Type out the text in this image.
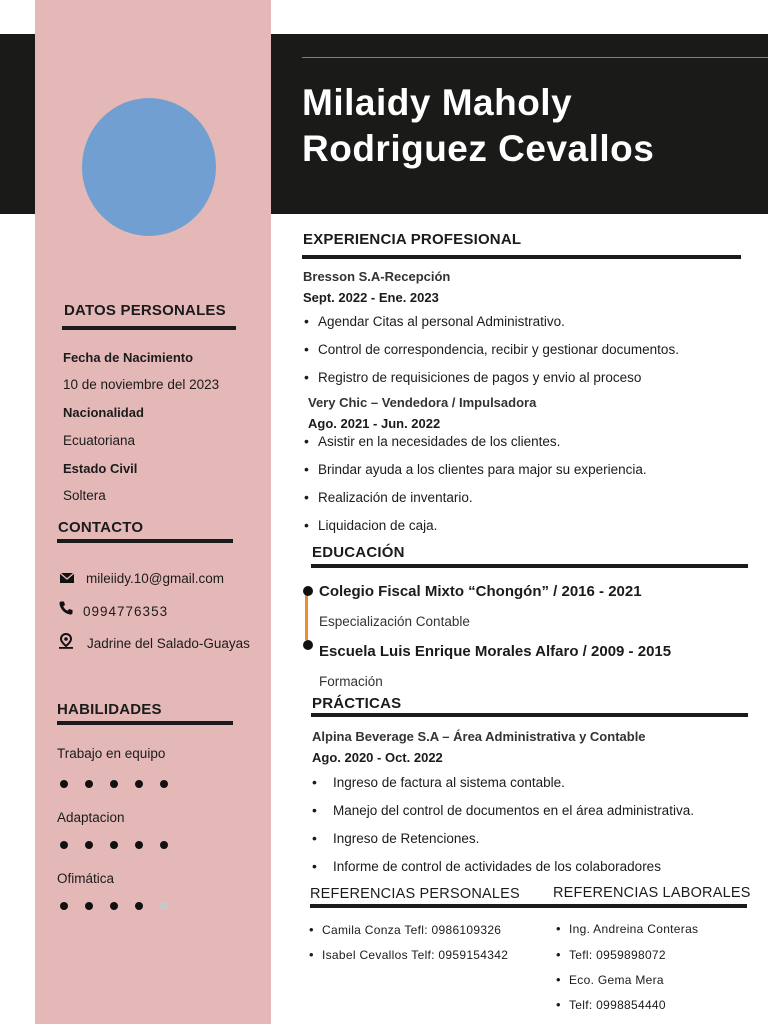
Milaidy Maholy
Rodriguez Cevallos
DATOS PERSONALES
Fecha de Nacimiento
10 de noviembre del 2023
Nacionalidad
Ecuatoriana
Estado Civil
Soltera
CONTACTO
mileiidy.10@gmail.com
0994776353
Jadrine del Salado-Guayas
HABILIDADES
Trabajo en equipo
Adaptacion
Ofimática
EXPERIENCIA PROFESIONAL
Bresson S.A-Recepción
Sept. 2022 - Ene. 2023
• Agendar Citas al personal Administrativo.
• Control de correspondencia, recibir y gestionar documentos.
• Registro de requisiciones de pagos y envio al proceso
Very Chic – Vendedora / Impulsadora
Ago. 2021 - Jun. 2022
• Asistir en la necesidades de los clientes.
• Brindar ayuda a los clientes para major su experiencia.
• Realización de inventario.
• Liquidacion de caja.
EDUCACIÓN
Colegio Fiscal Mixto “Chongón” / 2016 - 2021
Especialización Contable
Escuela Luis Enrique Morales Alfaro / 2009 - 2015
Formación
PRÁCTICAS
Alpina Beverage S.A – Área Administrativa y Contable
Ago. 2020 - Oct. 2022
• Ingreso de factura al sistema contable.
• Manejo del control de documentos en el área administrativa.
• Ingreso de Retenciones.
• Informe de control de actividades de los colaboradores
REFERENCIAS PERSONALES REFERENCIAS LABORALES
• Camila Conza Tefl: 0986109326
• Isabel Cevallos Telf: 0959154342
• Ing. Andreina Conteras
• Tefl: 0959898072
• Eco. Gema Mera
• Telf: 0998854440
